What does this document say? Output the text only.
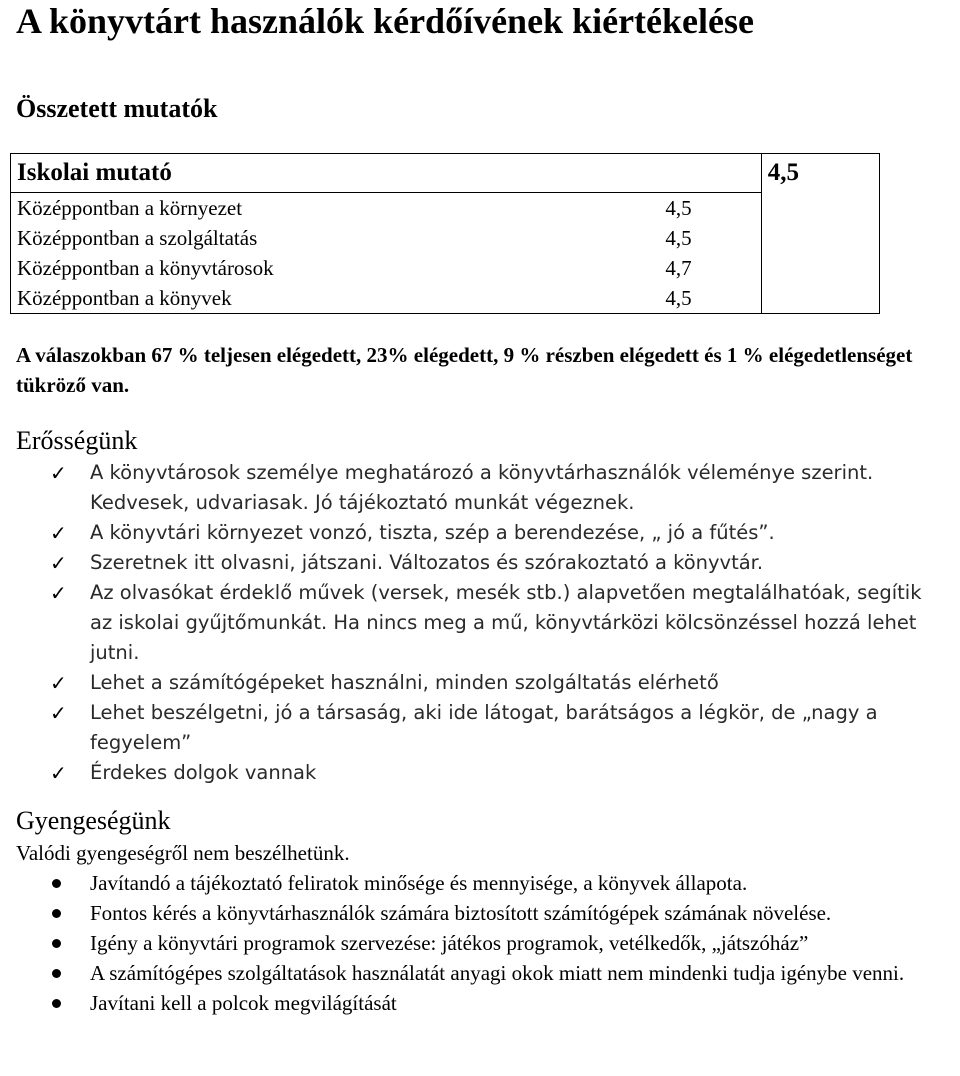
A könyvtárt használók kérdőívének kiértékelése
Összetett mutatók
Iskolai mutató		4,5
Középpontban a környezet	4,5	
Középpontban a szolgáltatás	4,5	
Középpontban a könyvtárosok	4,7	
Középpontban a könyvek	4,5	

A válaszokban 67 % teljesen elégedett, 23% elégedett, 9 % részben elégedett és 1 % elégedetlenséget tükröző van.

Erősségünk
✓ A könyvtárosok személye meghatározó a könyvtárhasználók véleménye szerint. Kedvesek, udvariasak. Jó tájékoztató munkát végeznek.
✓ A könyvtári környezet vonzó, tiszta, szép a berendezése, „ jó a fűtés”.
✓ Szeretnek itt olvasni, játszani. Változatos és szórakoztató a könyvtár.
✓ Az olvasókat érdeklő művek (versek, mesék stb.) alapvetően megtalálhatóak, segítik az iskolai gyűjtőmunkát. Ha nincs meg a mű, könyvtárközi kölcsönzéssel hozzá lehet jutni.
✓ Lehet a számítógépeket használni, minden szolgáltatás elérhető
✓ Lehet beszélgetni, jó a társaság, aki ide látogat, barátságos a légkör, de „nagy a fegyelem”
✓ Érdekes dolgok vannak
Gyengeségünk

Valódi gyengeségről nem beszélhetünk.

Javítandó a tájékoztató feliratok minősége és mennyisége, a könyvek állapota.
Fontos kérés a könyvtárhasználók számára biztosított számítógépek számának növelése.
Igény a könyvtári programok szervezése: játékos programok, vetélkedők, „játszóház”
A számítógépes szolgáltatások használatát anyagi okok miatt nem mindenki tudja igénybe venni.
Javítani kell a polcok megvilágítását
